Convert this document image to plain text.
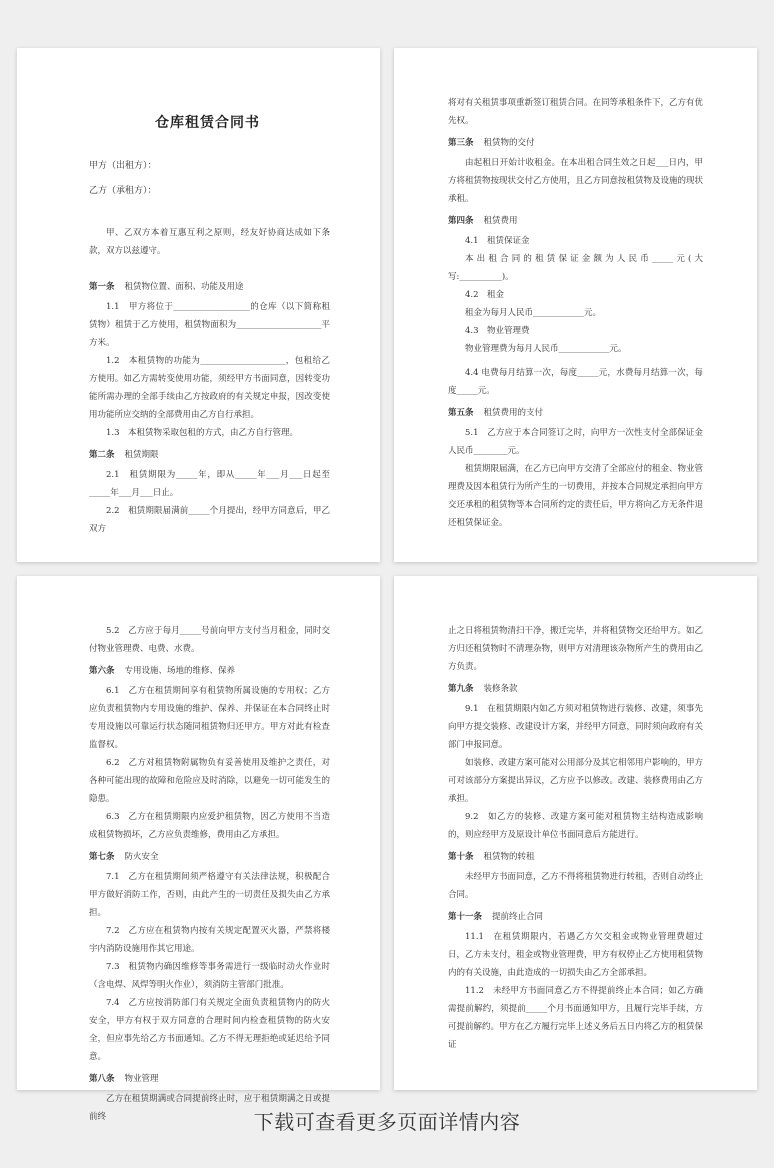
仓库租赁合同书

甲方（出租方）：

乙方（承租方）：

甲、乙双方本着互惠互利之原则，经友好协商达成如下条款，双方以兹遵守。

第一条 租赁物位置、面积、功能及用途

1.1　甲方将位于__________________的仓库（以下简称租赁物）租赁于乙方使用，租赁物面积为____________________平方米。

1.2　本租赁物的功能为____________________，包租给乙方使用。如乙方需转变使用功能，须经甲方书面同意，因转变功能所需办理的全部手续由乙方按政府的有关规定申报，因改变使用功能所应交纳的全部费用由乙方自行承担。

1.3　本租赁物采取包租的方式，由乙方自行管理。

第二条 租赁期限

2.1　租赁期限为_____年，即从_____年___月___日起至_____年___月___日止。

2.2　租赁期限届满前_____个月提出，经甲方同意后，甲乙双方

将对有关租赁事项重新签订租赁合同。在同等承租条件下，乙方有优先权。

第三条 租赁物的交付

由起租日开始计收租金。在本出租合同生效之日起___日内，甲方将租赁物按现状交付乙方使用，且乙方同意按租赁物及设施的现状承租。

第四条 租赁费用

4.1　租赁保证金

本出租合同的租赁保证金额为人民币_____元(大写:__________)。

4.2　租金

租金为每月人民币____________元。

4.3　物业管理费

物业管理费为每月人民币____________元。

4.4 电费每月结算一次，每度_____元，水费每月结算一次，每度_____元。

第五条 租赁费用的支付

5.1　乙方应于本合同签订之时，向甲方一次性支付全部保证金人民币________元。

租赁期限届满，在乙方已向甲方交清了全部应付的租金、物业管理费及因本租赁行为所产生的一切费用，并按本合同规定承担向甲方交还承租的租赁物等本合同所约定的责任后，甲方将向乙方无条件退还租赁保证金。

5.2　乙方应于每月_____号前向甲方支付当月租金，同时交付物业管理费、电费、水费。

第六条 专用设施、场地的维修、保养

6.1　乙方在租赁期间享有租赁物所属设施的专用权；乙方应负责租赁物内专用设施的维护、保养、并保证在本合同终止时专用设施以可靠运行状态随同租赁物归还甲方。甲方对此有检查监督权。

6.2　乙方对租赁物附属物负有妥善使用及维护之责任，对各种可能出现的故障和危险应及时消除，以避免一切可能发生的隐患。

6.3　乙方在租赁期限内应爱护租赁物，因乙方使用不当造成租赁物损坏，乙方应负责维修，费用由乙方承担。

第七条 防火安全

7.1　乙方在租赁期间须严格遵守有关法律法规，积极配合甲方做好消防工作，否则，由此产生的一切责任及损失由乙方承担。

7.2　乙方应在租赁物内按有关规定配置灭火器，严禁将楼宇内消防设施用作其它用途。

7.3　租赁物内确因维修等事务需进行一级临时动火作业时（含电焊、风焊等明火作业），须消防主管部门批准。

7.4　乙方应按消防部门有关规定全面负责租赁物内的防火安全，甲方有权于双方同意的合理时间内检查租赁物的防火安全，但应事先给乙方书面通知。乙方不得无理拒绝或延迟给予同意。

第八条 物业管理

乙方在租赁期满或合同提前终止时，应于租赁期满之日或提前终

止之日将租赁物清扫干净，搬迁完毕，并将租赁物交还给甲方。如乙方归还租赁物时不清理杂物，则甲方对清理该杂物所产生的费用由乙方负责。

第九条 装修条款

9.1　在租赁期限内如乙方须对租赁物进行装修、改建，须事先向甲方提交装修、改建设计方案，并经甲方同意，同时须向政府有关部门申报同意。

如装修、改建方案可能对公用部分及其它相邻用户影响的，甲方可对该部分方案提出异议，乙方应予以修改。改建、装修费用由乙方承担。

9.2　如乙方的装修、改建方案可能对租赁物主结构造成影响的，则应经甲方及原设计单位书面同意后方能进行。

第十条 租赁物的转租

未经甲方书面同意，乙方不得将租赁物进行转租，否则自动终止合同。

第十一条 提前终止合同

11.1　在租赁期限内，若遇乙方欠交租金或物业管理费超过日，乙方未支付，租金或物业管理费，甲方有权停止乙方使用租赁物内的有关设施，由此造成的一切损失由乙方全部承担。

11.2　未经甲方书面同意乙方不得提前终止本合同；如乙方确需提前解约，须提前_____个月书面通知甲方，且履行完毕手续，方可提前解约。甲方在乙方履行完毕上述义务后五日内将乙方的租赁保证

下载可查看更多页面详情内容
